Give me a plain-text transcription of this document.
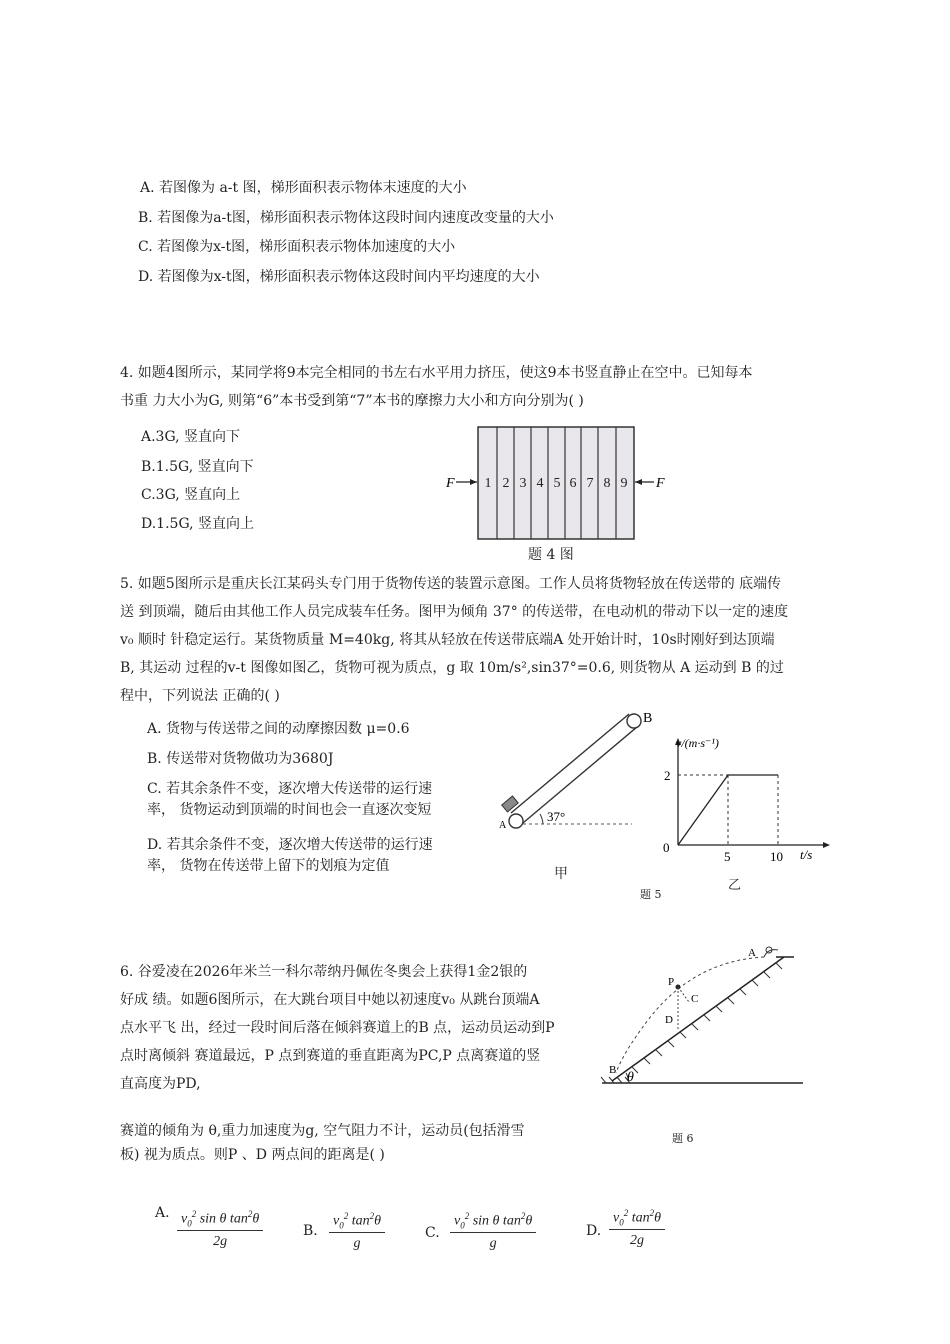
A. 若图像为 a-t 图，梯形面积表示物体末速度的大小
B. 若图像为a-t图，梯形面积表示物体这段时间内速度改变量的大小
C. 若图像为x-t图，梯形面积表示物体加速度的大小
D. 若图像为x-t图，梯形面积表示物体这段时间内平均速度的大小
4. 如题4图所示，某同学将9本完全相同的书左右水平用力挤压，使这9本书竖直静止在空中。已知每本
书重 力大小为G, 则第“6”本书受到第“7”本书的摩擦力大小和方向分别为( )
A.3G, 竖直向下
B.1.5G, 竖直向下
C.3G, 竖直向上
D.1.5G, 竖直向上
1 2 3 4 5 6 7 8 9
F	F
题 4 图
5. 如题5图所示是重庆长江某码头专门用于货物传送的装置示意图。工作人员将货物轻放在传送带的 底端传
送 到顶端，随后由其他工作人员完成装车任务。图甲为倾角 37° 的传送带，在电动机的带动下以一定的速度
v₀ 顺时 针稳定运行。某货物质量 M=40kg, 将其从轻放在传送带底端A 处开始计时，10s时刚好到达顶端
B, 其运动 过程的v-t 图像如图乙，货物可视为质点，g 取 10m/s²,sin37°=0.6, 则货物从 A 运动到 B 的过
程中，下列说法 正确的( )
A. 货物与传送带之间的动摩擦因数 μ=0.6
B. 传送带对货物做功为3680J
C. 若其余条件不变，逐次增大传送带的运行速
率， 货物运动到顶端的时间也会一直逐次变短
D. 若其余条件不变，逐次增大传送带的运行速
率， 货物在传送带上留下的划痕为定值
37°
A
B
甲
v/(m·s⁻¹)
t/s
0
2
5	10
乙
题 5
6. 谷爱凌在2026年米兰一科尔蒂纳丹佩佐冬奥会上获得1金2银的
好成 绩。如题6图所示，在大跳台项目中她以初速度v₀ 从跳台顶端A
点水平飞 出，经过一段时间后落在倾斜赛道上的B 点，运动员运动到P
点时离倾斜 赛道最远，P 点到赛道的垂直距离为PC,P 点离赛道的竖
直高度为PD,
赛道的倾角为 θ,重力加速度为g, 空气阻力不计，运动员(包括滑雪
板) 视为质点。则P 、D 两点间的距离是( )
A
P
C
D
B θ
题 6
A. $\frac{v_0^2 \sin \theta \tan^2\theta}{2g}$	B. $\frac{v_0^2 \tan^2\theta}{g}$	C. $\frac{v_0^2 \sin \theta \tan^2\theta}{g}$	D. $\frac{v_0^2 \tan^2\theta}{2g}$
